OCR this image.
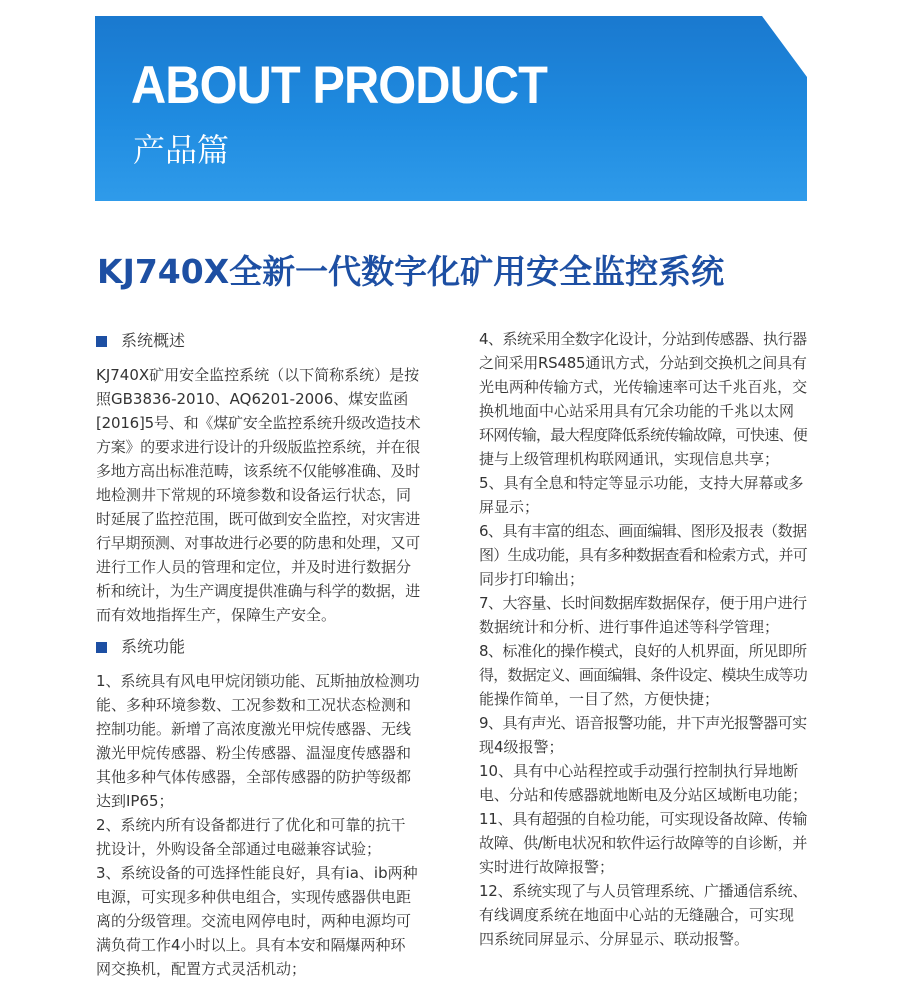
ABOUT PRODUCT
产品篇
KJ740X全新一代数字化矿用安全监控系统
系统概述
KJ740X矿用安全监控系统（以下简称系统）是按
照GB3836-2010、AQ6201-2006、煤安监函
[2016]5号、和《煤矿安全监控系统升级改造技术
方案》的要求进行设计的升级版监控系统，并在很
多地方高出标准范畴，该系统不仅能够准确、及时
地检测井下常规的环境参数和设备运行状态，同
时延展了监控范围，既可做到安全监控，对灾害进
行早期预测、对事故进行必要的防患和处理，又可
进行工作人员的管理和定位，并及时进行数据分
析和统计，为生产调度提供准确与科学的数据，进
而有效地指挥生产，保障生产安全。
系统功能
1、系统具有风电甲烷闭锁功能、瓦斯抽放检测功
能、多种环境参数、工况参数和工况状态检测和
控制功能。新增了高浓度激光甲烷传感器、无线
激光甲烷传感器、粉尘传感器、温湿度传感器和
其他多种气体传感器，全部传感器的防护等级都
达到IP65；
2、系统内所有设备都进行了优化和可靠的抗干
扰设计，外购设备全部通过电磁兼容试验；
3、系统设备的可选择性能良好，具有ia、ib两种
电源，可实现多种供电组合，实现传感器供电距
离的分级管理。交流电网停电时，两种电源均可
满负荷工作4小时以上。具有本安和隔爆两种环
网交换机，配置方式灵活机动；
4、系统采用全数字化设计，分站到传感器、执行器
之间采用RS485通讯方式，分站到交换机之间具有
光电两种传输方式，光传输速率可达千兆百兆，交
换机地面中心站采用具有冗余功能的千兆以太网
环网传输，最大程度降低系统传输故障，可快速、便
捷与上级管理机构联网通讯，实现信息共享；
5、具有全息和特定等显示功能，支持大屏幕或多
屏显示；
6、具有丰富的组态、画面编辑、图形及报表（数据
图）生成功能，具有多种数据查看和检索方式，并可
同步打印输出；
7、大容量、长时间数据库数据保存，便于用户进行
数据统计和分析、进行事件追述等科学管理；
8、标准化的操作模式，良好的人机界面，所见即所
得，数据定义、画面编辑、条件设定、模块生成等功
能操作简单，一目了然，方便快捷；
9、具有声光、语音报警功能，井下声光报警器可实
现4级报警；
10、具有中心站程控或手动强行控制执行异地断
电、分站和传感器就地断电及分站区域断电功能；
11、具有超强的自检功能，可实现设备故障、传输
故障、供/断电状况和软件运行故障等的自诊断，并
实时进行故障报警；
12、系统实现了与人员管理系统、广播通信系统、
有线调度系统在地面中心站的无缝融合，可实现
四系统同屏显示、分屏显示、联动报警。
